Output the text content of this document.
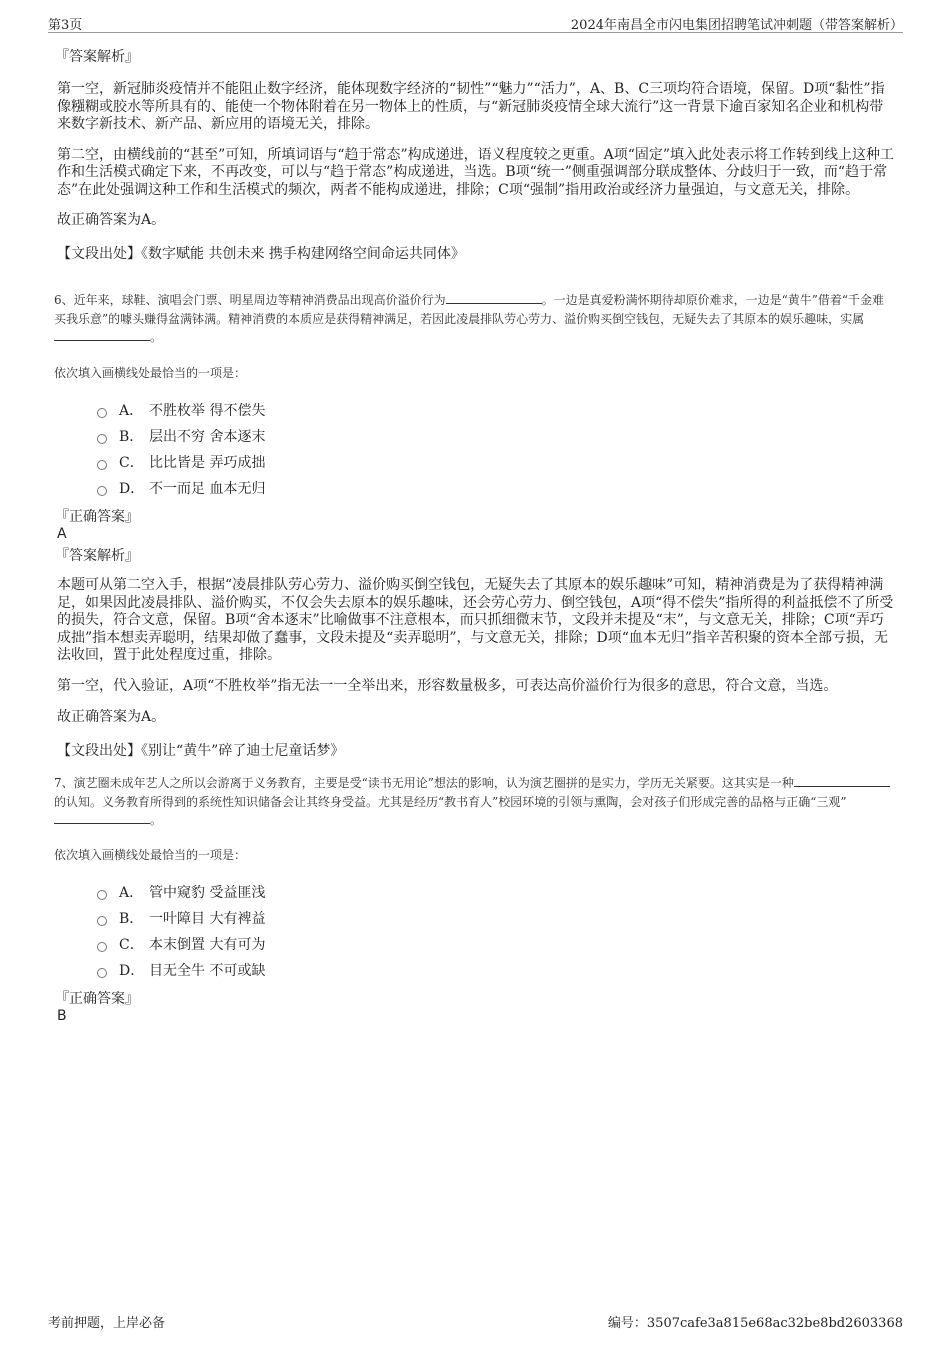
第3页	2024年南昌全市闪电集团招聘笔试冲刺题（带答案解析）
『答案解析』

第一空，新冠肺炎疫情并不能阻止数字经济，能体现数字经济的“韧性”“魅力”“活力”，A、B、C三项均符合语境，保留。D项“黏性”指像糨糊或胶水等所具有的、能使一个物体附着在另一物体上的性质，与“新冠肺炎疫情全球大流行”这一背景下逾百家知名企业和机构带来数字新技术、新产品、新应用的语境无关，排除。

第二空，由横线前的“甚至”可知，所填词语与“趋于常态”构成递进，语义程度较之更重。A项“固定”填入此处表示将工作转到线上这种工作和生活模式确定下来，不再改变，可以与“趋于常态”构成递进，当选。B项“统一”侧重强调部分联成整体、分歧归于一致，而“趋于常态”在此处强调这种工作和生活模式的频次，两者不能构成递进，排除；C项“强制”指用政治或经济力量强迫，与文意无关，排除。

故正确答案为A。

【文段出处】《数字赋能 共创未来 携手构建网络空间命运共同体》

6、近年来，球鞋、演唱会门票、明星周边等精神消费品出现高价溢价行为	。一边是真爱粉满怀期待却原价难求，一边是“黄牛”借着“千金难买我乐意”的噱头赚得盆满钵满。精神消费的本质应是获得精神满足，若因此凌晨排队劳心劳力、溢价购买倒空钱包，无疑失去了其原本的娱乐趣味，实属。

依次填入画横线处最恰当的一项是：

A． 不胜枚举 得不偿失
B． 层出不穷 舍本逐末
C． 比比皆是 弄巧成拙
D． 不一而足 血本无归
『正确答案』
A
『答案解析』

本题可从第二空入手，根据“凌晨排队劳心劳力、溢价购买倒空钱包，无疑失去了其原本的娱乐趣味”可知，精神消费是为了获得精神满足，如果因此凌晨排队、溢价购买，不仅会失去原本的娱乐趣味，还会劳心劳力、倒空钱包，A项“得不偿失”指所得的利益抵偿不了所受的损失，符合文意，保留。B项“舍本逐末”比喻做事不注意根本，而只抓细微末节，文段并未提及“末”，与文意无关，排除；C项“弄巧成拙”指本想卖弄聪明，结果却做了蠢事，文段未提及“卖弄聪明”，与文意无关，排除；D项“血本无归”指辛苦积聚的资本全部亏损，无法收回，置于此处程度过重，排除。

第一空，代入验证，A项“不胜枚举”指无法一一全举出来，形容数量极多，可表达高价溢价行为很多的意思，符合文意，当选。

故正确答案为A。

【文段出处】《别让“黄牛”碎了迪士尼童话梦》

7、演艺圈未成年艺人之所以会游离于义务教育，主要是受“读书无用论”想法的影响，认为演艺圈拼的是实力，学历无关紧要。这其实是一种的认知。义务教育所得到的系统性知识储备会让其终身受益。尤其是经历“教书育人”校园环境的引领与熏陶，会对孩子们形成完善的品格与正确“三观”。

依次填入画横线处最恰当的一项是：

A． 管中窥豹 受益匪浅
B． 一叶障目 大有裨益
C． 本末倒置 大有可为
D． 目无全牛 不可或缺
『正确答案』
B
考前押题，上岸必备	编号：3507cafe3a815e68ac32be8bd2603368
